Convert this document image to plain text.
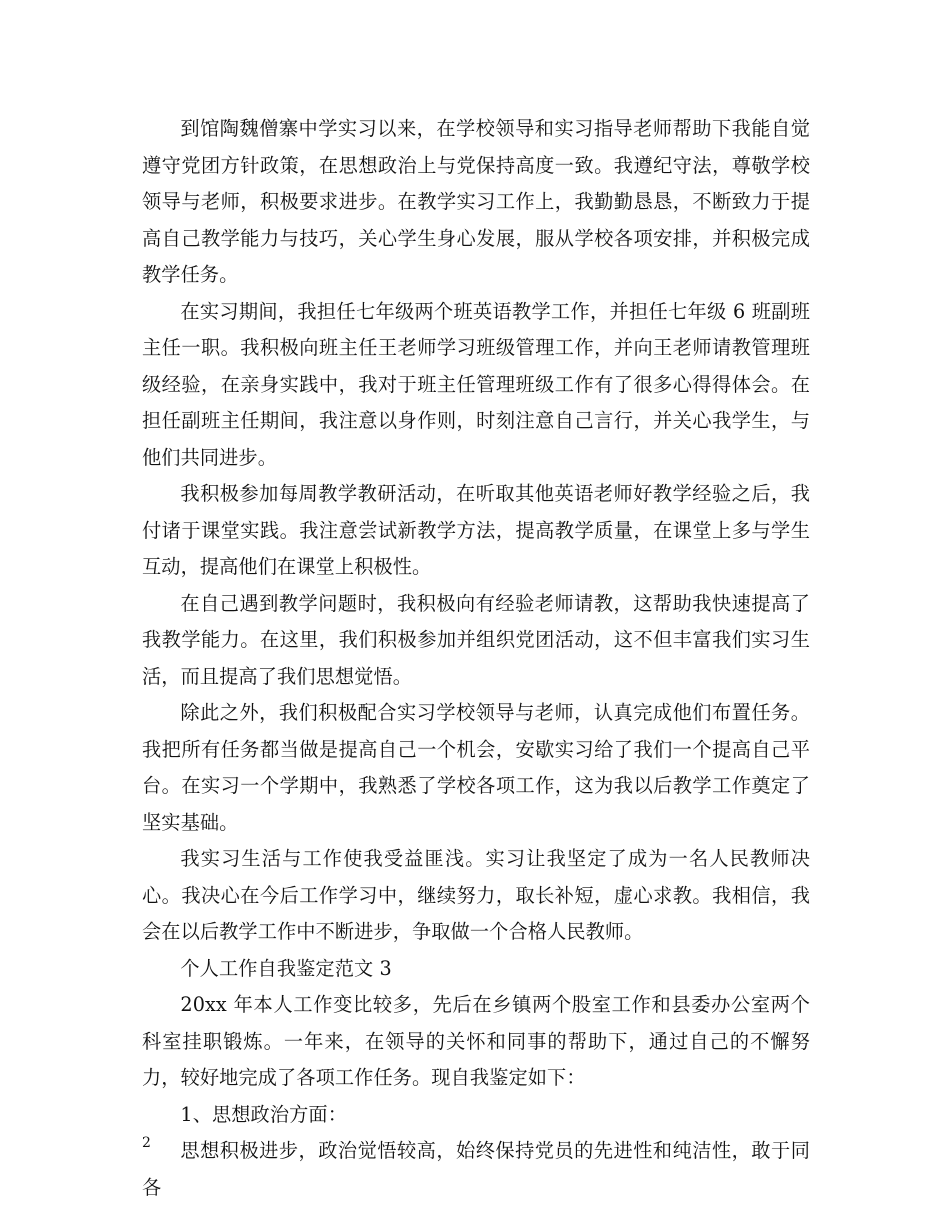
到馆陶魏僧寨中学实习以来，在学校领导和实习指导老师帮助下我能自觉遵守党团方针政策，在思想政治上与党保持高度一致。我遵纪守法，尊敬学校领导与老师，积极要求进步。在教学实习工作上，我勤勤恳恳，不断致力于提高自己教学能力与技巧，关心学生身心发展，服从学校各项安排，并积极完成教学任务。

在实习期间，我担任七年级两个班英语教学工作，并担任七年级 6 班副班主任一职。我积极向班主任王老师学习班级管理工作，并向王老师请教管理班级经验，在亲身实践中，我对于班主任管理班级工作有了很多心得得体会。在担任副班主任期间，我注意以身作则，时刻注意自己言行，并关心我学生，与他们共同进步。

我积极参加每周教学教研活动，在听取其他英语老师好教学经验之后，我付诸于课堂实践。我注意尝试新教学方法，提高教学质量，在课堂上多与学生互动，提高他们在课堂上积极性。

在自己遇到教学问题时，我积极向有经验老师请教，这帮助我快速提高了我教学能力。在这里，我们积极参加并组织党团活动，这不但丰富我们实习生活，而且提高了我们思想觉悟。

除此之外，我们积极配合实习学校领导与老师，认真完成他们布置任务。我把所有任务都当做是提高自己一个机会，安歇实习给了我们一个提高自己平台。在实习一个学期中，我熟悉了学校各项工作，这为我以后教学工作奠定了坚实基础。

我实习生活与工作使我受益匪浅。实习让我坚定了成为一名人民教师决心。我决心在今后工作学习中，继续努力，取长补短，虚心求教。我相信，我会在以后教学工作中不断进步，争取做一个合格人民教师。

个人工作自我鉴定范文 3

20xx 年本人工作变比较多，先后在乡镇两个股室工作和县委办公室两个科室挂职锻炼。一年来，在领导的关怀和同事的帮助下，通过自己的不懈努力，较好地完成了各项工作任务。现自我鉴定如下：

1、思想政治方面：

思想积极进步，政治觉悟较高，始终保持党员的先进性和纯洁性，敢于同各

2
